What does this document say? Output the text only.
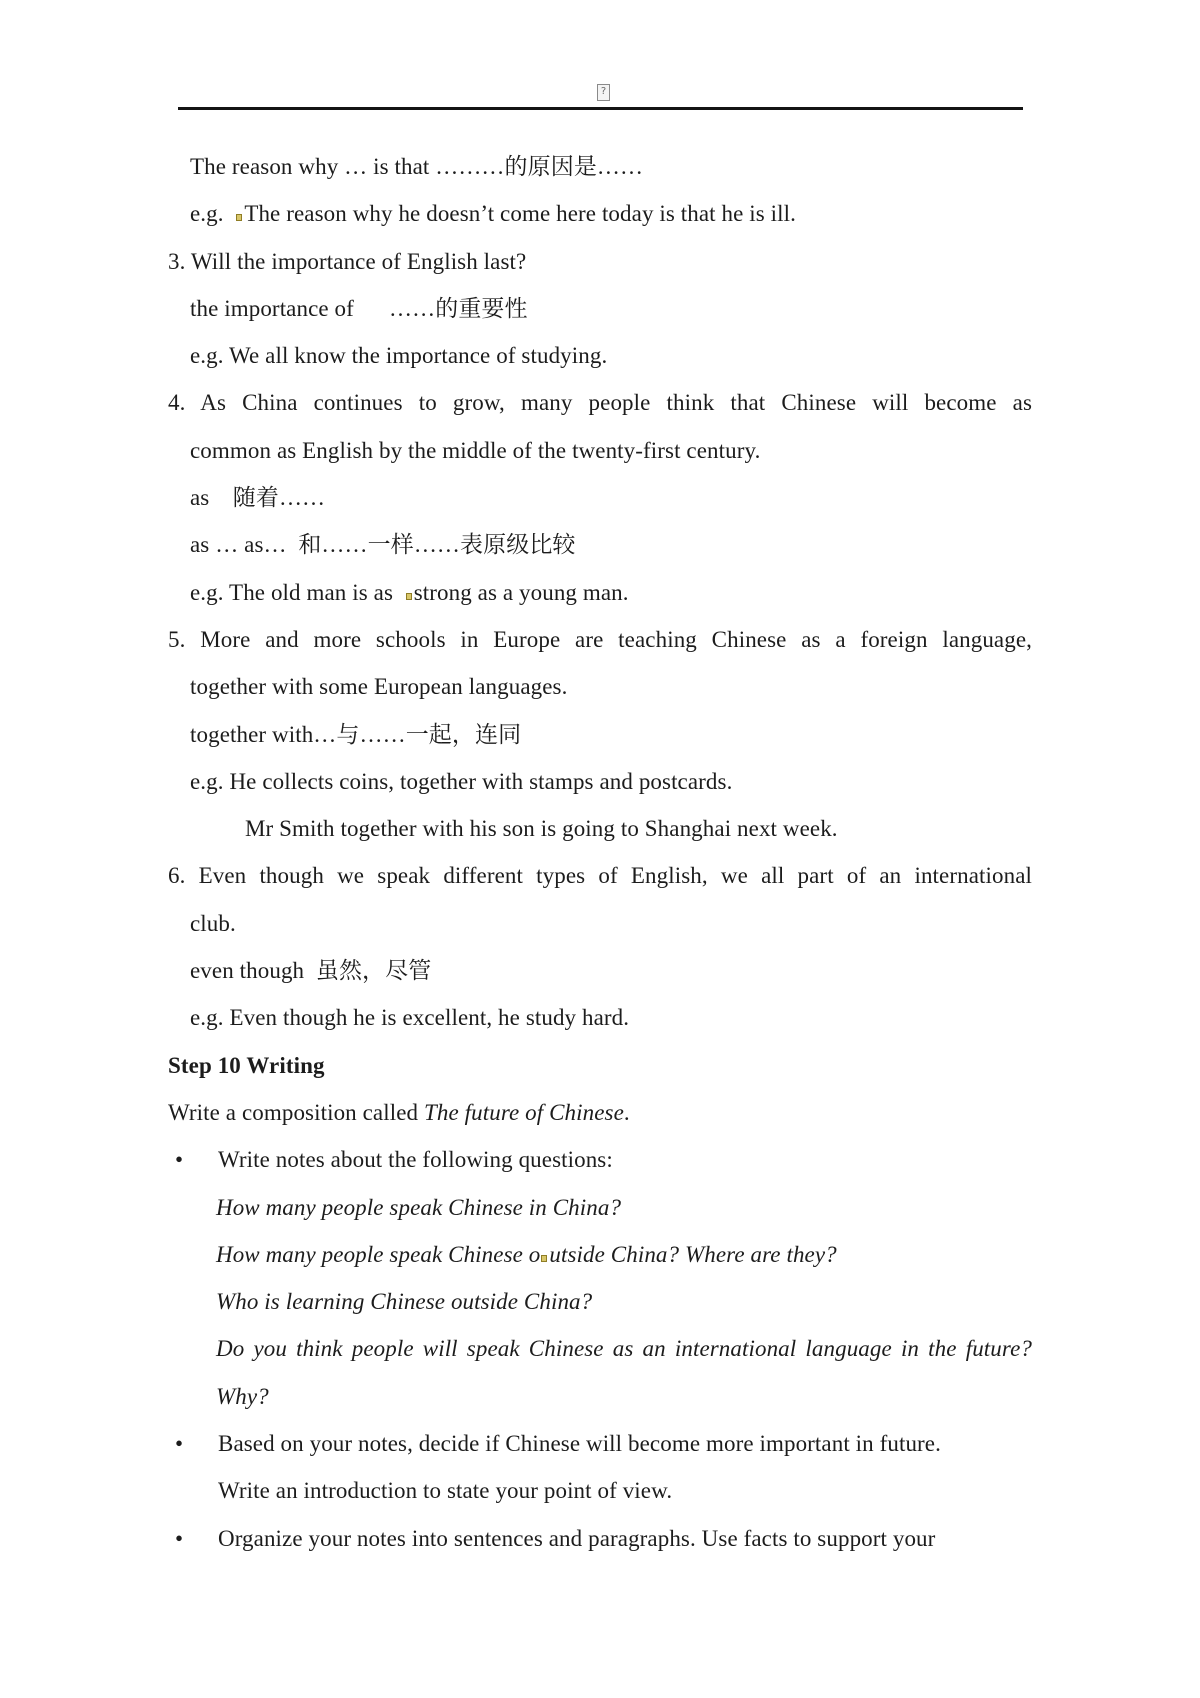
?
The reason why … is that ………的原因是……
e.g.  The reason why he doesn’t come here today is that he is ill.
3. Will the importance of English last?
the importance of      ……的重要性
e.g. We all know the importance of studying.
4. As China continues to grow, many people think that Chinese will become as
common as English by the middle of the twenty-first century.
as    随着……
as … as…  和……一样……表原级比较
e.g. The old man is as  strong as a young man.
5. More and more schools in Europe are teaching Chinese as a foreign language,
together with some European languages.
together with…与……一起，连同
e.g. He collects coins, together with stamps and postcards.
Mr Smith together with his son is going to Shanghai next week.
6. Even though we speak different types of English, we all part of an international
club.
even though  虽然，尽管
e.g. Even though he is excellent, he study hard.
Step 10 Writing
Write a composition called The future of Chinese.
• Write notes about the following questions:
How many people speak Chinese in China?
How many people speak Chinese o utside China? Where are they?
Who is learning Chinese outside China?
Do you think people will speak Chinese as an international language in the future?
Why?
• Based on your notes, decide if Chinese will become more important in future.
Write an introduction to state your point of view.
• Organize your notes into sentences and paragraphs. Use facts to support your
